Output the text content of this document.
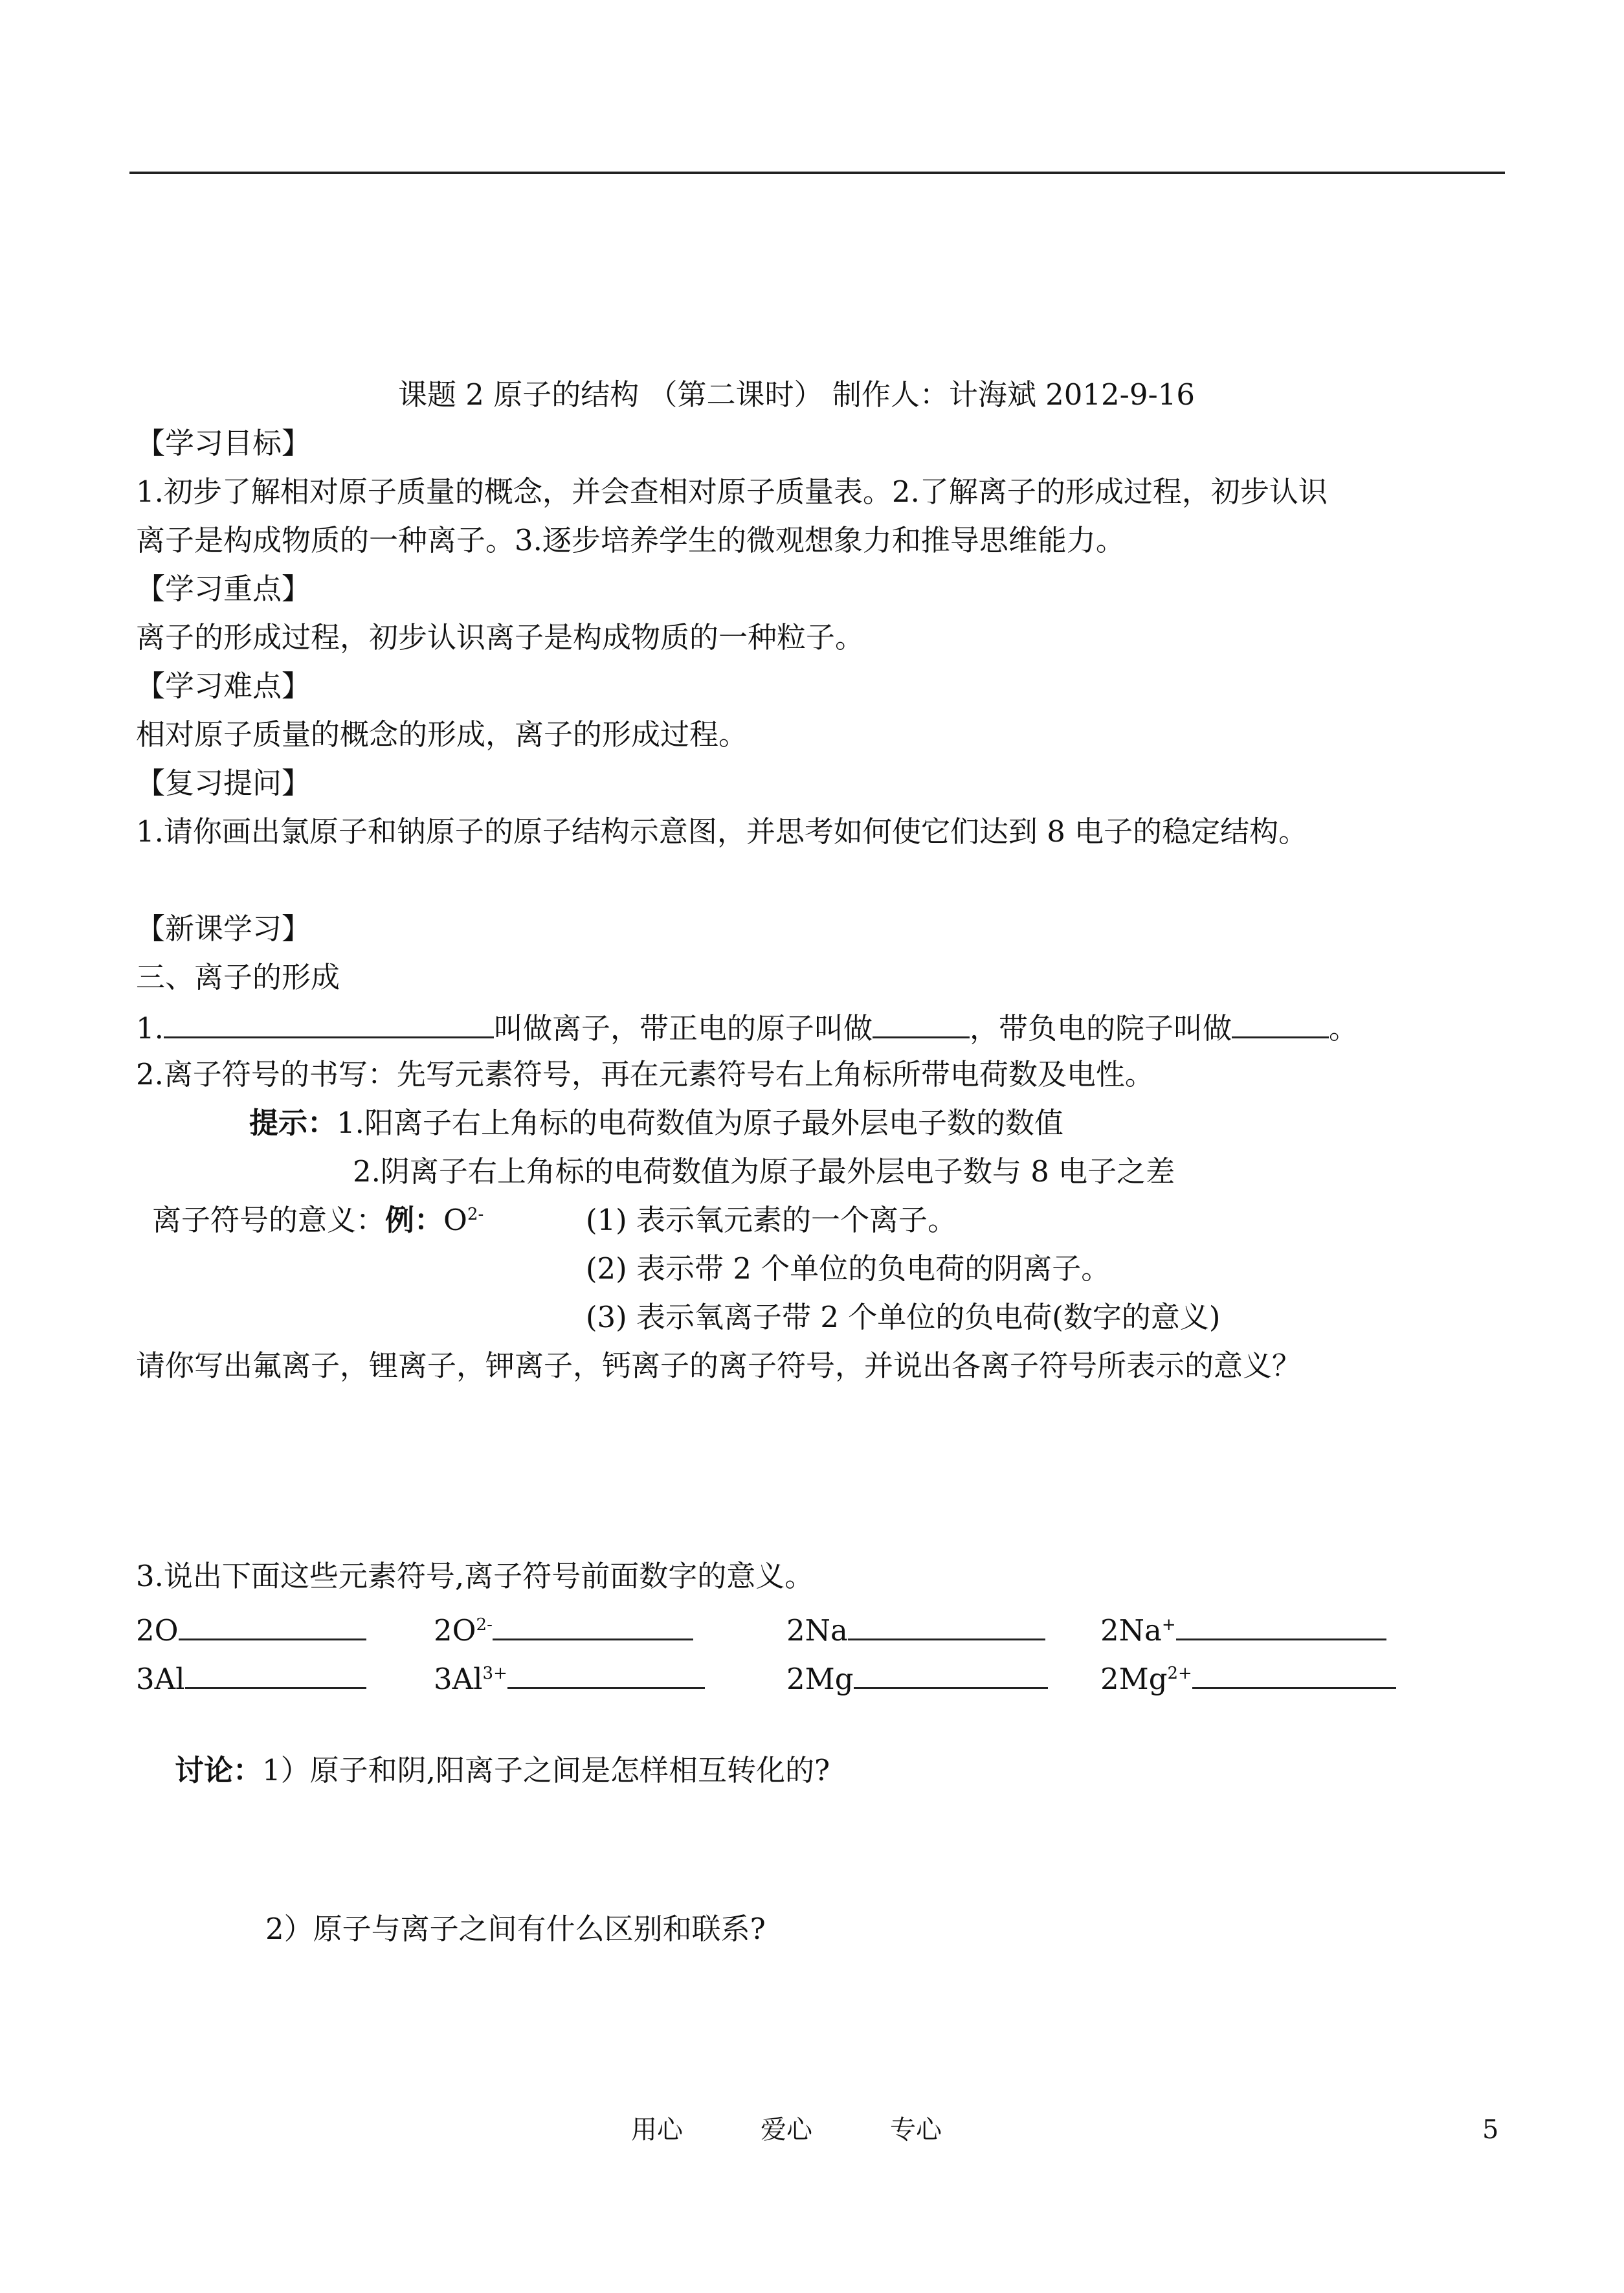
课题 2 原子的结构 （第二课时） 制作人：计海斌 2012-9-16
【学习目标】
1.初步了解相对原子质量的概念，并会查相对原子质量表。2.了解离子的形成过程，初步认识
离子是构成物质的一种离子。3.逐步培养学生的微观想象力和推导思维能力。
【学习重点】
离子的形成过程，初步认识离子是构成物质的一种粒子。
【学习难点】
相对原子质量的概念的形成，离子的形成过程。
【复习提问】
1.请你画出氯原子和钠原子的原子结构示意图，并思考如何使它们达到 8 电子的稳定结构。
【新课学习】
三、离子的形成
1.	叫做离子，带正电的原子叫做	，带负电的院子叫做	。
2.离子符号的书写：先写元素符号，再在元素符号右上角标所带电荷数及电性。
提示：1.阳离子右上角标的电荷数值为原子最外层电子数的数值
2.阴离子右上角标的电荷数值为原子最外层电子数与 8 电子之差
离子符号的意义：例：$O^{2-}$	(1) 表示氧元素的一个离子。
(2) 表示带 2 个单位的负电荷的阴离子。
(3) 表示氧离子带 2 个单位的负电荷(数字的意义)
请你写出氟离子，锂离子，钾离子，钙离子的离子符号，并说出各离子符号所表示的意义？
3.说出下面这些元素符号,离子符号前面数字的意义。
2O	$2O^{2-}$	2Na	2Na+
3Al	$3Al^{3+}$	2Mg	$2Mg^{2+}$
讨论：1）原子和阴,阳离子之间是怎样相互转化的?
2）原子与离子之间有什么区别和联系?
用心	爱心	专心	5
